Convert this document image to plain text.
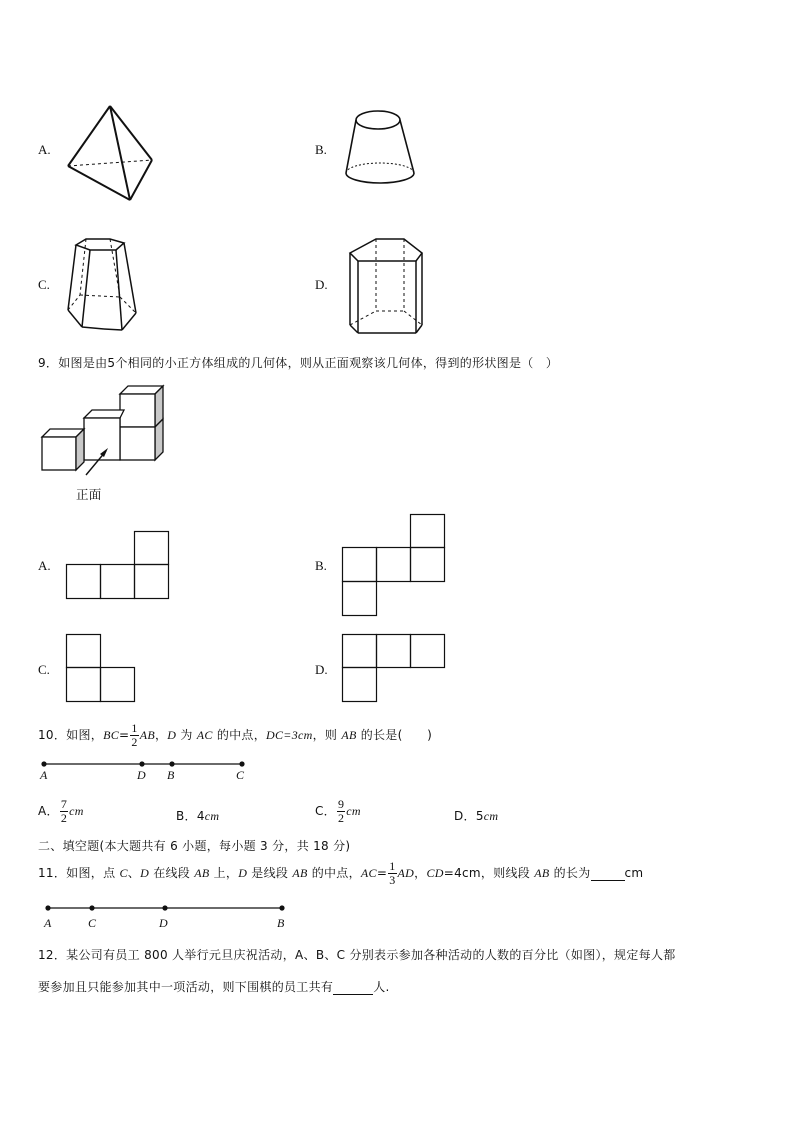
A.	B.
C.	D.
9．如图是由5个相同的小正方体组成的几何体，则从正面观察该几何体，得到的形状图是（　）
正面
A.	B.
C.	D.
10．如图，$BC= \frac{1}{2}$ AB，D 为 AC 的中点，DC=3cm，则 AB 的长是(　　)
A	D B	C
A． $\frac{7}{2}$ cm	B．4cm	C． $\frac{9}{2}$ cm	D．5cm
二、填空题(本大题共有 6 小题，每小题 3 分，共 18 分)
11．如图，点 C、D 在线段 AB 上，D 是线段 AB 的中点，$AC= \frac{1}{3}$ AD，CD=4cm，则线段 AB 的长为	cm
A	C	D	B
12．某公司有员工 800 人举行元旦庆祝活动，A、B、C 分别表示参加各种活动的人数的百分比（如图），规定每人都
要参加且只能参加其中一项活动，则下围棋的员工共有	人.
